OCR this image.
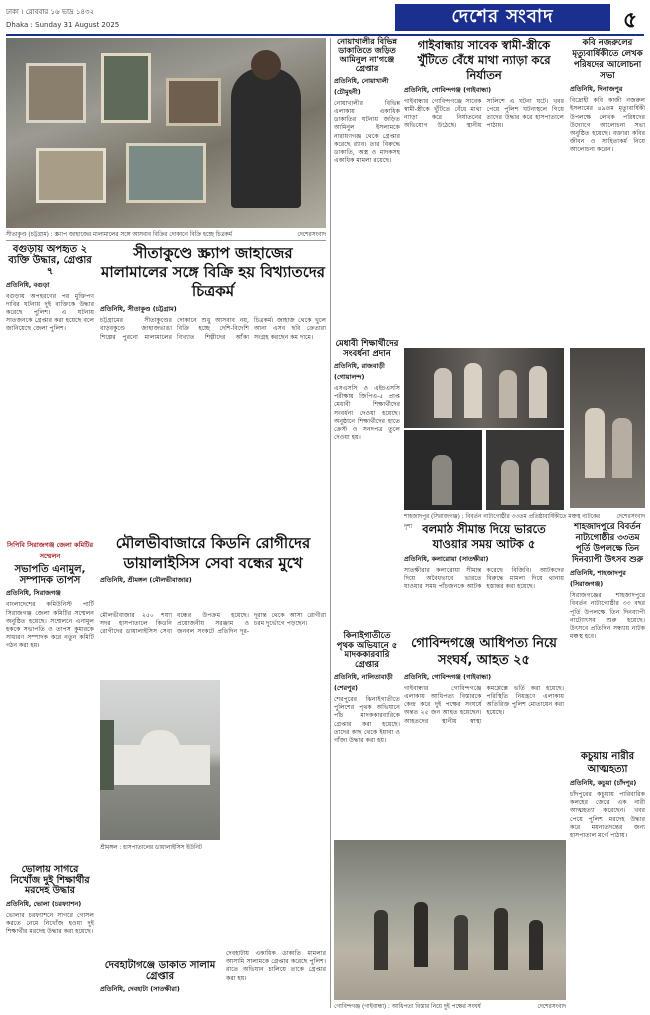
ঢাকা । রোববার ১৬ ভাদ্র ১৪৩২
Dhaka : Sunday 31 August 2025	দেশের সংবাদ	৫
সীতাকুণ্ড (চট্টগ্রাম) : স্ক্র্যাপ জাহাজের মালামালের সঙ্গে আসবাব বিক্রির দোকানে বিক্রি হচ্ছে চিত্রকর্ম	দেশেরসংবাদ
বগুড়ায় অপহৃত ২ ব্যক্তি উদ্ধার, গ্রেপ্তার ৭
প্রতিনিধি, বগুড়া
বগুড়ায় অপহরণের পর মুক্তিপণ দাবির ঘটনায় দুই ব্যক্তিকে উদ্ধার করেছে পুলিশ। এ ঘটনায় সাতজনকে গ্রেপ্তার করা হয়েছে বলে জানিয়েছে জেলা পুলিশ।
সীতাকুণ্ডে স্ক্র্যাপ জাহাজের মালামালের সঙ্গে বিক্রি হয় বিখ্যাতদের চিত্রকর্ম
প্রতিনিধি, সীতাকুণ্ড (চট্টগ্রাম)
চট্টগ্রামের সীতাকুণ্ডের বাড়বকুণ্ডে জাহাজভাঙা শিল্পের পুরনো মালামালের দোকানে শুধু আসবাব নয়, বিক্রি হচ্ছে দেশি-বিদেশি বিখ্যাত শিল্পীদের আঁকা চিত্রকর্ম। জাহাজ থেকে খুলে আনা এসব ছবি ক্রেতারা সংগ্রহ করছেন কম দামে।
সিপিবি সিরাজগঞ্জ জেলা কমিটির সম্মেলন
সভাপতি এনামুল, সম্পাদক তাপস
প্রতিনিধি, সিরাজগঞ্জ
বাংলাদেশের কমিউনিস্ট পার্টি সিরাজগঞ্জ জেলা কমিটির সম্মেলন অনুষ্ঠিত হয়েছে। সম্মেলনে এনামুল হককে সভাপতি ও তাপস কুমারকে সাধারণ সম্পাদক করে নতুন কমিটি গঠন করা হয়।
মৌলভীবাজারে কিডনি রোগীদের ডায়ালাইসিস সেবা বন্ধের মুখে
প্রতিনিধি, শ্রীমঙ্গল (মৌলভীবাজার)
মৌলভীবাজার ২৫০ শয্যা সদর হাসপাতালে কিডনি রোগীদের ডায়ালাইসিস সেবা বন্ধের উপক্রম হয়েছে। প্রয়োজনীয় সরঞ্জাম ও জনবল সংকটে প্রতিদিন দূর-দূরান্ত থেকে আসা রোগীরা চরম দুর্ভোগে পড়ছেন।
শ্রীমঙ্গল : হাসপাতালের ডায়ালাইসিস ইউনিট
ভোলায় সাগরে নিখোঁজ দুই শিক্ষার্থীর মরদেহ উদ্ধার
প্রতিনিধি, ভোলা (চরফ্যাশন)
ভোলার চরফ্যাশনে সাগরে গোসল করতে নেমে নিখোঁজ হওয়া দুই শিক্ষার্থীর মরদেহ উদ্ধার করা হয়েছে।
দেবহাটাগঞ্জে ডাকাত সালাম গ্রেপ্তার
প্রতিনিধি, দেবহাটা (সাতক্ষীরা)
দেবহাটায় একাধিক ডাকাতি মামলার আসামি সালামকে গ্রেপ্তার করেছে পুলিশ। রাতে অভিযান চালিয়ে তাকে গ্রেপ্তার করা হয়।
নোয়াখালীর বিভিন্ন ডাকাতিতে জড়িত আমিনুল না'গঞ্জে গ্রেপ্তার
প্রতিনিধি, নোয়াখালী (চৌমুহনী)
নোয়াখালীর বিভিন্ন এলাকায় একাধিক ডাকাতির ঘটনায় জড়িত আমিনুল ইসলামকে নারায়ণগঞ্জ থেকে গ্রেপ্তার করেছে র‍্যাব। তার বিরুদ্ধে ডাকাতি, অস্ত্র ও মাদকসহ একাধিক মামলা রয়েছে।
গাইবান্ধায় সাবেক স্বামী-স্ত্রীকে খুঁটিতে বেঁধে মাথা ন্যাড়া করে নির্যাতন
প্রতিনিধি, গোবিন্দগঞ্জ (গাইবান্ধা)
গাইবান্ধার গোবিন্দগঞ্জে সাবেক স্বামী-স্ত্রীকে খুঁটিতে বেঁধে মাথা ন্যাড়া করে নির্যাতনের অভিযোগ উঠেছে। স্থানীয় সালিশে এ ঘটনা ঘটে। খবর পেয়ে পুলিশ ঘটনাস্থলে গিয়ে তাদের উদ্ধার করে হাসপাতালে পাঠায়।
কবি নজরুলের মৃত্যুবার্ষিকীতে লেখক পরিষদের আলোচনা সভা
প্রতিনিধি, দিনাজপুর
বিদ্রোহী কবি কাজী নজরুল ইসলামের ৪৯তম মৃত্যুবার্ষিকী উপলক্ষে লেখক পরিষদের উদ্যোগে আলোচনা সভা অনুষ্ঠিত হয়েছে। বক্তারা কবির জীবন ও সাহিত্যকর্ম নিয়ে আলোচনা করেন।
মেধাবী শিক্ষার্থীদের সংবর্ধনা প্রদান
প্রতিনিধি, রাজবাড়ী (গোয়ালন্দ)
এসএসসি ও এইচএসসি পরীক্ষায় জিপিএ-৫ প্রাপ্ত মেধাবী শিক্ষার্থীদের সংবর্ধনা দেওয়া হয়েছে। অনুষ্ঠানে শিক্ষার্থীদের হাতে ক্রেস্ট ও সনদপত্র তুলে দেওয়া হয়।
শাহজাদপুর (সিরাজগঞ্জ) : বিবর্তন নাট্যগোষ্ঠীর ৩৩তম প্রতিষ্ঠাবার্ষিকীতে মঞ্চস্থ নাটকের দৃশ্য
দেশেরসংবাদ
বলমাঠ সীমান্ত দিয়ে ভারতে যাওয়ার সময় আটক ৫
প্রতিনিধি, কলারোয়া (সাতক্ষীরা)
সাতক্ষীরার কলারোয়া সীমান্ত দিয়ে অবৈধভাবে ভারতে যাওয়ার সময় পাঁচজনকে আটক করেছে বিজিবি। আটকদের বিরুদ্ধে মামলা দিয়ে থানায় হস্তান্তর করা হয়েছে।
শাহজাদপুরে বিবর্তন নাট্যগোষ্ঠীর ৩৩তম পূর্তি উপলক্ষে তিন দিনব্যাপী উৎসব শুরু
প্রতিনিধি, শাহজাদপুর (সিরাজগঞ্জ)
সিরাজগঞ্জের শাহজাদপুরে বিবর্তন নাট্যগোষ্ঠীর ৩৩ বছর পূর্তি উপলক্ষে তিন দিনব্যাপী নাট্যোৎসব শুরু হয়েছে। উৎসবে প্রতিদিন সন্ধ্যায় নাটক মঞ্চস্থ হবে।
কিনাইগাতীতে পৃথক অভিযানে ৫ মাদককারবারি গ্রেপ্তার
প্রতিনিধি, নালিতাবাড়ী (শেরপুর)
শেরপুরের ঝিনাইগাতীতে পুলিশের পৃথক অভিযানে পাঁচ মাদককারবারিকে গ্রেপ্তার করা হয়েছে। তাদের কাছ থেকে ইয়াবা ও গাঁজা উদ্ধার করা হয়।
গোবিন্দগঞ্জে আধিপত্য নিয়ে সংঘর্ষ, আহত ২৫
প্রতিনিধি, গোবিন্দগঞ্জ (গাইবান্ধা)
গাইবান্ধার গোবিন্দগঞ্জে এলাকায় আধিপত্য বিস্তারকে কেন্দ্র করে দুই পক্ষের সংঘর্ষে অন্তত ২৫ জন আহত হয়েছেন। আহতদের স্থানীয় স্বাস্থ্য কমপ্লেক্সে ভর্তি করা হয়েছে। পরিস্থিতি নিয়ন্ত্রণে এলাকায় অতিরিক্ত পুলিশ মোতায়েন করা হয়েছে।
কচুয়ায় নারীর আত্মহত্যা
প্রতিনিধি, কচুয়া (চাঁদপুর)
চাঁদপুরের কচুয়ায় পারিবারিক কলহের জেরে এক নারী আত্মহত্যা করেছেন। খবর পেয়ে পুলিশ মরদেহ উদ্ধার করে ময়নাতদন্তের জন্য হাসপাতাল মর্গে পাঠায়।
গোবিন্দগঞ্জ (গাইবান্ধা) : আধিপত্য বিস্তার নিয়ে দুই পক্ষের সংঘর্ষ	দেশেরসংবাদ
